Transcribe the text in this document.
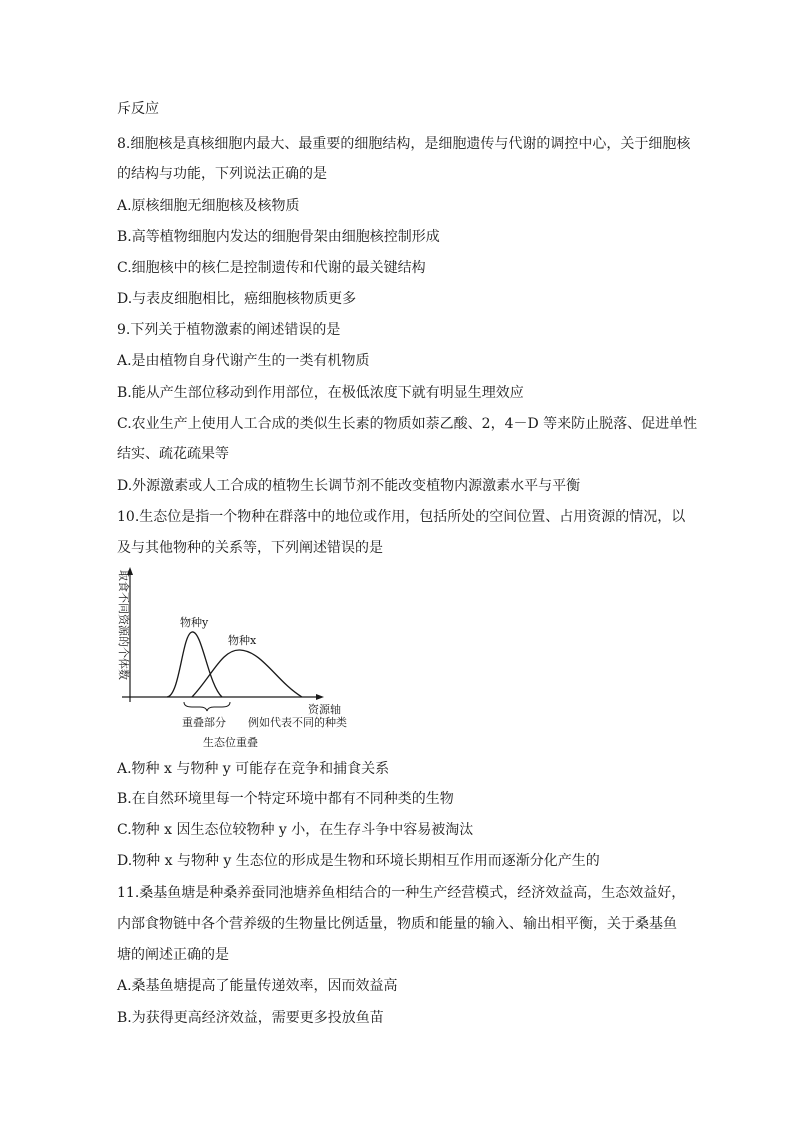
斥反应
8.细胞核是真核细胞内最大、最重要的细胞结构，是细胞遗传与代谢的调控中心，关于细胞核
的结构与功能，下列说法正确的是
A.原核细胞无细胞核及核物质
B.高等植物细胞内发达的细胞骨架由细胞核控制形成
C.细胞核中的核仁是控制遗传和代谢的最关键结构
D.与表皮细胞相比，癌细胞核物质更多
9.下列关于植物激素的阐述错误的是
A.是由植物自身代谢产生的一类有机物质
B.能从产生部位移动到作用部位，在极低浓度下就有明显生理效应
C.农业生产上使用人工合成的类似生长素的物质如萘乙酸、2，4－D 等来防止脱落、促进单性
结实、疏花疏果等
D.外源激素或人工合成的植物生长调节剂不能改变植物内源激素水平与平衡
10.生态位是指一个物种在群落中的地位或作用，包括所处的空间位置、占用资源的情况，以
及与其他物种的关系等，下列阐述错误的是
取食不同资源的个体数	物种y
物种x
资源轴
重叠部分 例如代表不同的种类
生态位重叠
A.物种 x 与物种 y 可能存在竞争和捕食关系
B.在自然环境里每一个特定环境中都有不同种类的生物
C.物种 x 因生态位较物种 y 小，在生存斗争中容易被淘汰
D.物种 x 与物种 y 生态位的形成是生物和环境长期相互作用而逐渐分化产生的
11.桑基鱼塘是种桑养蚕同池塘养鱼相结合的一种生产经营模式，经济效益高，生态效益好，
内部食物链中各个营养级的生物量比例适量，物质和能量的输入、输出相平衡，关于桑基鱼
塘的阐述正确的是
A.桑基鱼塘提高了能量传递效率，因而效益高
B.为获得更高经济效益，需要更多投放鱼苗
